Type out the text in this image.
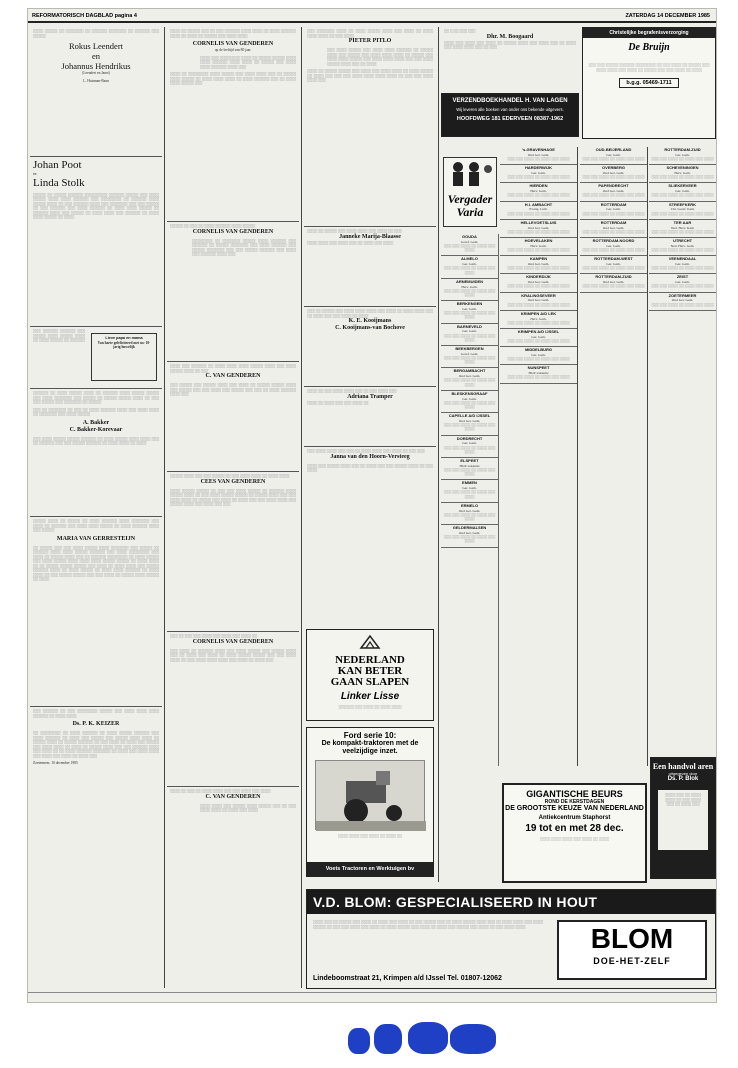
REFORMATORISCH DAGBLAD pagina 4	ZATERDAG 14 DECEMBER 1985
░░░░ ░░░░░ ░░ ░░░░░░░ ░░ ░░░░░░ ░░░░░░░ ░░ ░░░░░░ ░░░ ░░░░░
Rokus Leendert
en
Johannus Hendrikus
(Leendert en Janet)
L. Huisman-Baan
Johan Poot
en
Linda Stolk
░░░░░ ░░ ░░░░░ ░░░░░░ ░░░░░░░░░ ░░░░░░ ░░░░░ ░░░ ░░░░ ░░░░░ ░░░░ ░░░░ ░░░░░░ ░░░ ░░░░░░░░ ░░ ░░░░░░ ░░░░ ░░░░░ ░░░░ ░░ ░░░ ░░░░░░ ░░░░ ░░░ ░░░░░░░ ░░░ ░░░ ░░░░░ ░░ ░░░ ░░░░░░ ░░░ ░░░░ ░░░░░░ ░░ ░░░░ ░░░░ ░░░░░ ░░ ░░░░░░ ░░░░ ░░░ ░░░░░ ░░ ░░░░ ░░░░ ░░░ ░░░░░░ ░░ ░░░░ ░░░░ ░░░░░ ░░ ░░░░
Lieve papa en mama
Van harte gefeliciteerd met uw 10-jarig huwelijk
░░░ ░░░░░░ ░░░░░░ ░░░ ░░░░░ ░░░░ ░░░░░ ░░░░ ░░ ░░░░ ░░░░░ ░░ ░░░░░░
░░░░░░ ░░ ░░░░ ░░░░░ ░░░░ ░░ ░░░░░░ ░░░░ ░░░░░ ░░░░░ ░░░ ░░░░ ░░░░░░░ ░░░ ░░░░░ ░░ ░░░░░ ░░░░░ ░░░░ ░░ ░░░ ░░░ ░░░░░ ░░░ ░░░░░░░ ░░ ░░░░░
░░░ ░░ ░░░░░░░ ░░ ░░░ ░░ ░░░░ ░░░░░░ ░░░░ ░░░ ░░░░ ░░░░ ░░ ░░░░░░░ ░░░ ░░░░ ░░░░░
A. Bakker
C. Bakker-Korevaar
░░░ ░░░░ ░░░░░ ░░░░░ ░░░░░░ ░░ ░░░░ ░░░░░ ░░░░ ░░░░ ░░░ ░░ ░░░░░░ ░░░ ░░░ ░░░░░ ░░░░░░ ░░ ░░░░ ░░░░ ░░ ░░░░
░░░░░ ░░░░ ░░ ░░░░░ ░░ ░░░░ ░░░░░░ ░░░░ ░░░░░░░ ░░░ ░░░░ ░░ ░░░░░░ ░░░ ░░░░ ░░░░ ░░░░░ ░░ ░░░░ ░░░░░░ ░░░░ ░░░ ░░░░░
MARIA VAN GERRESTEIJN
░░ ░░░░░ ░░░ ░░░ ░░░░ ░░░░░ ░░░░ ░░░░░░░ ░░░ ░░░░░ ░░ ░░░░░░ ░░░░ ░░░░ ░░░░░ ░░░░░░ ░░░ ░░░░ ░░░░░░░░ ░░░ ░░░░ ░░ ░░░░░ ░░░░ ░░░ ░░ ░░░░░░ ░░░░░░░░ ░░ ░░░░ ░░░░░ ░░░ ░░░░ ░░░░░ ░░░░ ░░░░ ░░░░ ░░░░░ ░░░░░ ░░ ░░░░ ░░░░ ░░ ░░ ░░░░░ ░░░░░ ░░░░░ ░░░ ░░░░ ░░ ░░░░ ░░░░ ░░░ ░░░░░ ░░░░░░ ░░░░ ░░ ░░░░ ░░░░░ ░░ ░░░░ ░░░░ ░░░░░░ ░░ ░░░░ ░░░░ ░░ ░░░ ░░░░░ ░░░░░ ░░░ ░░░ ░░░░ ░░ ░░░░░ ░░░░ ░░░░░ ░░ ░░░░
░░░ ░░░░░░ ░░ ░░░ ░░░░░░░░ ░░░░░ ░░░ ░░░░ ░░░░ ░░░░ ░░░░░░ ░░ ░░░░ ░░░░
Ds. P. K. KEIZER
░░ ░░░░░░░░ ░░ ░░░░ ░░░░░░ ░░ ░░░░ ░░░░░ ░░░░░░ ░░░ ░░░░ ░░░░░░ ░░ ░░░░ ░░░ ░░░░░ ░░░ ░░░░░ ░░░░ ░░░░ ░░ ░░░░░ ░░░░ ░░ ░░░░░ ░░░░░░ ░░ ░░░ ░░░░ ░░ ░░░░ ░░░ ░░░░░ ░░░ ░░░░ ░░░░ ░░ ░░░░ ░░ ░░░░░ ░░░░ ░░░ ░░░ ░░░░░░ ░░░░ ░░░ ░░░░ ░░ ░░ ░░░░ ░░░░░░ ░░░░░░░ ░░ ░░░░ ░░░ ░░░░ ░░░░ ░░░ ░░░░ ░░░ ░░░░ ░░ ░░░░ ░░░
Zoetermeer, 10 december 1985
░░░░ ░░ ░░░░░ ░░░ ░░ ░░░ ░░░░░░ ░░░░ ░░░░ ░░ ░░░░ ░░░░░░ ░░░░ ░░ ░░░░ ░░ ░░░░░ ░░░ ░░░░ ░░░░
CORNELIS VAN GENDEREN
op de leeftijd van 80 jaar.
░░░░ ░░░ ░░░░░░░░ ░░░░ ░░ ░░░░░ ░░░░░ ░░░░ ░░░░ ░░░░░░ ░░░░ ░░░░ ░░ ░░░░░ ░░░ ░░░░ ░░░░ ░░░░░░ ░░░░ ░░░
░░░░ ░░ ░░░░░░░░ ░░░░ ░░░░░ ░░░ ░░░░ ░░░░ ░░░ ░░ ░░░░░ ░░░░ ░░░░░ ░░ ░░░░ ░░░░ ░░░░ ░░ ░░░░ ░░░░░░ ░░░ ░░ ░░░░ ░░░░ ░░░░░ ░░░
░░░░░ ░░ ░░░ ░░ ░░░░ ░░░░░░ ░░░░ ░░░░░
CORNELIS VAN GENDEREN
░░░░░░░░ ░░ ░░░░░░░ ░░░░░ ░░░░ ░░░░░░ ░░░ ░░░░░░ ░░ ░░░░░ ░░░░░░░ ░░░ ░░░░ ░░░░░░ ░░░ ░░░░░ ░░░░░░░ ░░░ ░░░ ░░░░░ ░░░░░░ ░░░ ░░░░ ░░░ ░░░░░░ ░░░░ ░░░
░░░░ ░░░ ░░░░░░ ░░ ░░░░ ░░░░ ░░░░ ░░░░░ ░░░░ ░░░ ░░░░ ░░░░░ ░░░░ ░░ ░░░
C. VAN GENDEREN
░░░ ░░░░░ ░░░ ░░░░░ ░░░░ ░░░ ░░░░ ░░ ░░░░░ ░░░░░ ░░░░ ░░░ ░░░░░ ░░░ ░░░ ░░░░ ░░░ ░░░░░ ░░░ ░░░ ░░ ░░░░ ░░░░░░ ░░░░ ░░░
░░░░░ ░░░░ ░░░ ░░░ ░░░░░ ░░ ░░░ ░░░░ ░░░░ ░░ ░░░░ ░░░░
CEES VAN GENDEREN
░░░░ ░░░░░ ░░░░░ ░░ ░░░ ░░░ ░░░░ ░░░░░ ░░ ░░░░░░ ░░░░ ░░░░░ ░░░░ ░░ ░░░ ░░░░ ░░░░░ ░░░░░ ░░ ░░░░░ ░░░░ ░░░ ░░░ ░░░░ ░░░░ ░░ ░░░░░ ░░░ ░░░░ ░░ ░░░░ ░░░ ░░░ ░░░░ ░░░░ ░░░ ░░░░░ ░░░░ ░░░ ░░░░ ░░░ ░░░
░░░ ░░ ░░░ ░░░ ░░░░ ░░░ ░░░░ ░░░ ░░░░ ░░
CORNELIS VAN GENDEREN
░░░ ░░░░ ░░ ░░░░░░ ░░░░ ░░░ ░░░░ ░░░░░ ░░░ ░░░░░ ░░░░ ░░░ ░░ ░░░░ ░░░ ░░░░ ░░ ░░░░ ░░░░░ ░░░░░ ░░░ ░░░ ░░░░ ░░░░ ░░ ░░░ ░░░░ ░░░░ ░░░░ ░░░ ░░░░ ░░ ░░░░ ░░░
░░░░ ░░ ░░░ ░░ ░░░░ ░░░░ ░░░ ░░░ ░░░░ ░░░ ░░░░
C. VAN GENDEREN
░░░░ ░░░░ ░░░ ░░░░░ ░░░░ ░░░░░ ░░░ ░░ ░░░ ░░░░ ░░░░ ░░ ░░░░ ░░░ ░░░░
░░░ ░░░░░░░ ░░░░ ░░ ░░░░ ░░░░░ ░░░░ ░░░ ░░░░ ░░ ░░░░ ░░░░ ░░░░ ░░ ░░░ ░░░░
PIETER PITLO
░░░ ░░░░ ░░░░░ ░░░ ░░░░ ░░░░ ░░░░░░ ░░ ░░░░░ ░░░░ ░░░ ░░░░░ ░░░ ░░░░ ░░░░ ░░░░ ░░ ░░░░░ ░░░ ░░░░ ░░░░ ░░░░░ ░░░ ░░░░ ░░░░ ░░░░ ░░░ ░░░ ░░░░ ░░░░░ ░░░░ ░░░ ░░ ░░░░
░░░░ ░░ ░░░░░ ░░░░░ ░░░ ░░░░ ░░░ ░░░░ ░░░░ ░░ ░░░░ ░░░░░ ░░ ░░░░ ░░░ ░░░ ░░░ ░░░░ ░░░░ ░░░░ ░░░░ ░░ ░░░ ░░░ ░░░░ ░░░░ ░░░
░░░░ ░░ ░░░░░ ░░░ ░░░░ ░░░░ ░░░ ░░░░ ░░ ░░░
Janneke Marija-Blaasse
░░░░ ░░░░ ░░░ ░░░░ ░░░ ░░ ░░░░ ░░░ ░░░░
░░░ ░░ ░░░░░ ░░░ ░░░░ ░░░░ ░░░░ ░░░ ░░░░ ░░ ░░░░ ░░░░ ░░░ ░░ ░░░░ ░░░ ░░░ ░░░░ ░░ ░░░░
K. E. Kooijmans
C. Kooijmans-van Bochove
░░░░ ░░ ░░░ ░░░░ ░░░░ ░░░ ░░ ░░░ ░░░░ ░░░
Adriana Tramper
░░░░ ░░ ░░░░ ░░░ ░░░ ░░░░ ░░
░░░ ░░░░ ░░░░ ░░░ ░░░ ░░ ░░░░ ░░░░ ░░░ ░░░░ ░░ ░░░ ░░░
Janna van den Hoorn-Versteeg
░░░░ ░░░ ░░░░░ ░░░░ ░░░ ░░ ░░░░ ░░░ ░░░ ░░░░░ ░░░░ ░░ ░░░ ░░░░
NEDERLAND
KAN BETER
GAAN SLAPEN
Linker Lisse
░░░░░░ ░░░ ░░░░ ░░ ░░░░ ░░░░
Ford serie 10:
De kompakt-traktoren met de veelzijdige inzet.
░░░░ ░░░░ ░░░ ░░░░ ░░ ░░░░ ░░
Voets Tractoren en Werktuigen bv
░░ ░ ░░ ░░░ ░░░
Dhr. M. Boogaard
░░░░ ░░░ ░░░░ ░░░ ░░░░ ░░ ░░░░░ ░░░░ ░░░ ░░░░ ░░░ ░░ ░░░░ ░░░ ░░░░ ░░░░ ░░░ ░░ ░░░
VERZENDBOEKHANDEL H. VAN LAGEN
Wij leveren alle boeken van onder ons bekende uitgevers.
HOOFDWEG 181 EDERVEEN 08387-1962
Vergader
Varia
GOUDA
Geref. Gem.
░░░ ░░░ ░░░░ ░░ ░░░░ ░░░ ░░░░
ALMELO
Ger. Gem.
░░░ ░░░ ░░░░ ░░ ░░░░ ░░░ ░░░░
ARNEMUIDEN
Herv. Gem.
░░░ ░░░ ░░░░ ░░ ░░░░ ░░░ ░░░░
BERKENGEN
Ger. Gem.
░░░ ░░░ ░░░░ ░░ ░░░░ ░░░ ░░░░
BARNEVELD
Ger. Gem.
░░░ ░░░ ░░░░ ░░ ░░░░ ░░░ ░░░░
BEEKBERGEN
Geref. Gem.
░░░ ░░░ ░░░░ ░░ ░░░░ ░░░ ░░░░
BERGAMBACHT
Oud Ger. Gem.
░░░ ░░░ ░░░░ ░░ ░░░░ ░░░ ░░░░
BLESKENSGRAAF
Ger. Gem.
░░░ ░░░ ░░░░ ░░ ░░░░ ░░░ ░░░░
CAPELLE A/D IJSSEL
Oud Ger. Gem.
░░░ ░░░ ░░░░ ░░ ░░░░ ░░░ ░░░░
DORDRECHT
Ger. Gem.
░░░ ░░░ ░░░░ ░░ ░░░░ ░░░ ░░░░
ELSPEET
HGP-vakantie
░░░ ░░░ ░░░░ ░░ ░░░░ ░░░ ░░░░
EMMEN
Ger. Gem.
░░░ ░░░ ░░░░ ░░ ░░░░ ░░░ ░░░░
ERMELO
Oud Ger. Gem.
░░░ ░░░ ░░░░ ░░ ░░░░ ░░░ ░░░░
GELDERMALSEN
Oud Ger. Gem.
░░░ ░░░ ░░░░ ░░ ░░░░ ░░░ ░░░░
's-GRAVENHAGE
Oud Ger. Gem.
░░░ ░░░ ░░░░ ░░ ░░░░ ░░░ ░░░░
HARDERWIJK
Ger. Gem.
░░░ ░░░ ░░░░ ░░ ░░░░ ░░░ ░░░░
HIERDEN
Herv. Gem.
░░░ ░░░ ░░░░ ░░ ░░░░ ░░░ ░░░░
H.I. AMBACHT
Evang. Luth.
░░░ ░░░ ░░░░ ░░ ░░░░ ░░░ ░░░░
HELLEVOETSLUIS
Oud Ger. Gem.
░░░ ░░░ ░░░░ ░░ ░░░░ ░░░ ░░░░
HOEVELAKEN
Herv. Gem.
░░░ ░░░ ░░░░ ░░ ░░░░ ░░░ ░░░░
KAMPEN
Oud Ger. Gem.
░░░ ░░░ ░░░░ ░░ ░░░░ ░░░ ░░░░
KINDERDIJK
Oud Ger. Gem.
░░░ ░░░ ░░░░ ░░ ░░░░ ░░░ ░░░░
KRALINGSEVEER
Oud Ger. Gem.
░░░ ░░░ ░░░░ ░░ ░░░░ ░░░ ░░░░
KRIMPEN A/D LEK
Herv. Gem.
░░░ ░░░ ░░░░ ░░ ░░░░ ░░░ ░░░░
KRIMPEN A/D IJSSEL
Ger. Gem.
░░░ ░░░ ░░░░ ░░ ░░░░ ░░░ ░░░░
MIDDELBURG
Ger. Gem.
░░░ ░░░ ░░░░ ░░ ░░░░ ░░░ ░░░░
NUNSPEET
HGP-vakantie
░░░ ░░░ ░░░░ ░░ ░░░░ ░░░ ░░░░
OUD-BEIJERLAND
Ger. Gem.
░░░ ░░░ ░░░░ ░░ ░░░░ ░░░ ░░░░
OVERBERG
Oud Ger. Gem.
░░░ ░░░ ░░░░ ░░ ░░░░ ░░░ ░░░░
PAPENDRECHT
Oud Ger. Gem.
░░░ ░░░ ░░░░ ░░ ░░░░ ░░░ ░░░░
ROTTERDAM
Ger. Gem.
░░░ ░░░ ░░░░ ░░ ░░░░ ░░░ ░░░░
ROTTERDAM
Oud Ger. Gem.
░░░ ░░░ ░░░░ ░░ ░░░░ ░░░ ░░░░
ROTTERDAM-NOORD
Ger. Gem.
░░░ ░░░ ░░░░ ░░ ░░░░ ░░░ ░░░░
ROTTERDAM-WEST
Ger. Gem.
░░░ ░░░ ░░░░ ░░ ░░░░ ░░░ ░░░░
ROTTERDAM-ZUID
Oud Ger. Gem.
░░░ ░░░ ░░░░ ░░ ░░░░ ░░░ ░░░░
ROTTERDAM-ZUID
Ger. Gem.
░░░ ░░░ ░░░░ ░░ ░░░░ ░░░ ░░░░
SCHEVENINGEN
Herv. Gem.
░░░ ░░░ ░░░░ ░░ ░░░░ ░░░ ░░░░
SLIEKERVEER
Ger. Gem.
░░░ ░░░ ░░░░ ░░ ░░░░ ░░░ ░░░░
STREEFKERK
Chr. Geref. Kerk
░░░ ░░░ ░░░░ ░░ ░░░░ ░░░ ░░░░
TER AAR
Ned. Herv. Kerk
░░░ ░░░ ░░░░ ░░ ░░░░ ░░░ ░░░░
UTRECHT
Ned. Herv. Gem.
░░░ ░░░ ░░░░ ░░ ░░░░ ░░░ ░░░░
VEENENDAAL
Ger. Gem.
░░░ ░░░ ░░░░ ░░ ░░░░ ░░░ ░░░░
ZEIST
Ger. Gem.
░░░ ░░░ ░░░░ ░░ ░░░░ ░░░ ░░░░
ZOETERMEER
Oud Ger. Gem.
░░░ ░░░ ░░░░ ░░ ░░░░ ░░░ ░░░░
Christelijke begrafenisverzorging
De Bruijn
░░░ ░░░ ░░░░░ ░░░░░░ ░░░░░░░░ ░░ ░░░ ░░░░ ░░ ░░░░░ ░░░ ░░░░ ░░░░ ░░░ ░░░░ ░░ ░░░░░ ░░░ ░░░ ░░░░ ░░ ░░░░
b.g.g. 05469-1711
V.D. BLOM: GESPECIALISEERD IN HOUT
░░░░ ░░░ ░░ ░░░░░ ░░░ ░░░░ ░░ ░░░░ ░░░ ░░░░ ░░ ░░░ ░░░░░ ░░░ ░░ ░░░░ ░░░░░ ░░░░ ░░░ ░░ ░░░░ ░░░░ ░░░ ░░░░ ░░░░░ ░░ ░░░ ░░░ ░░░░ ░░░ ░░░░ ░░ ░░░░ ░░░░░ ░░░ ░░░░ ░░ ░░░░ ░░░ ░░░░░ ░░░ ░░░░ ░░ ░░░ ░░░░ ░░░░
Lindeboomstraat 21, Krimpen a/d IJssel Tel. 01807-12062
BLOM
DOE-HET-ZELF
GIGANTISCHE BEURS
ROND DE KERSTDAGEN
DE GROOTSTE KEUZE VAN NEDERLAND
Antiekcentrum Staphorst
19 tot en met 28 dec.
░░░░ ░░░░ ░░░░ ░░░ ░░░░ ░░ ░░░░
Een handvol aren
uitgegeven door
Ds. P. Blok
░░░░ ░░░ ░░ ░░░░ ░░░░ ░░ ░░░ ░░░░ ░░░ ░░ ░░░░ ░░░
